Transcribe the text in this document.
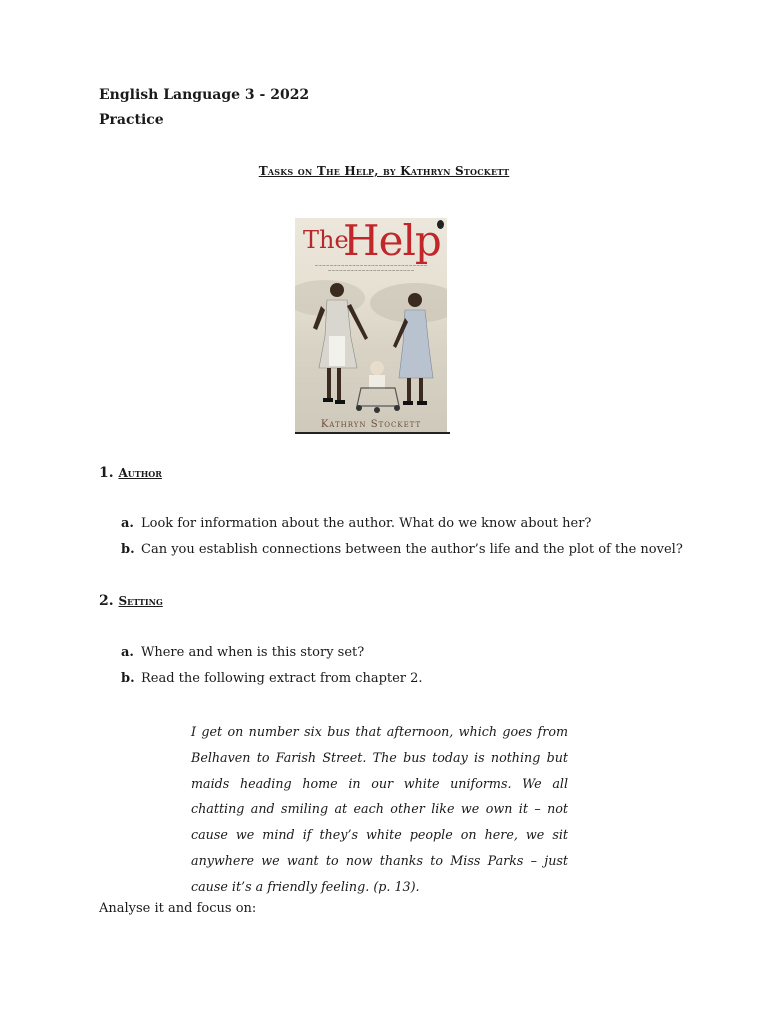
English Language 3 - 2022
Practice
Tasks on The Help, by Kathryn Stockett
The
Help
~~~~~~~~~~~~~~~~~~~~~~~~~~~~~~
~~~~~~~~~~~~~~~~~~~~~~~
Kathryn Stockett
1. Author
a. Look for information about the author. What do we know about her?
b. Can you establish connections between the author’s life and the plot of the novel?
2. Setting
a. Where and when is this story set?
b. Read the following extract from chapter 2.
I get on number six bus that afternoon, which goes from Belhaven to Farish Street. The bus today is nothing but maids heading home in our white uniforms. We all chatting and smiling at each other like we own it – not cause we mind if they’s white people on here, we sit anywhere we want to now thanks to Miss Parks – just cause it’s a friendly feeling. (p. 13).
Analyse it and focus on:
